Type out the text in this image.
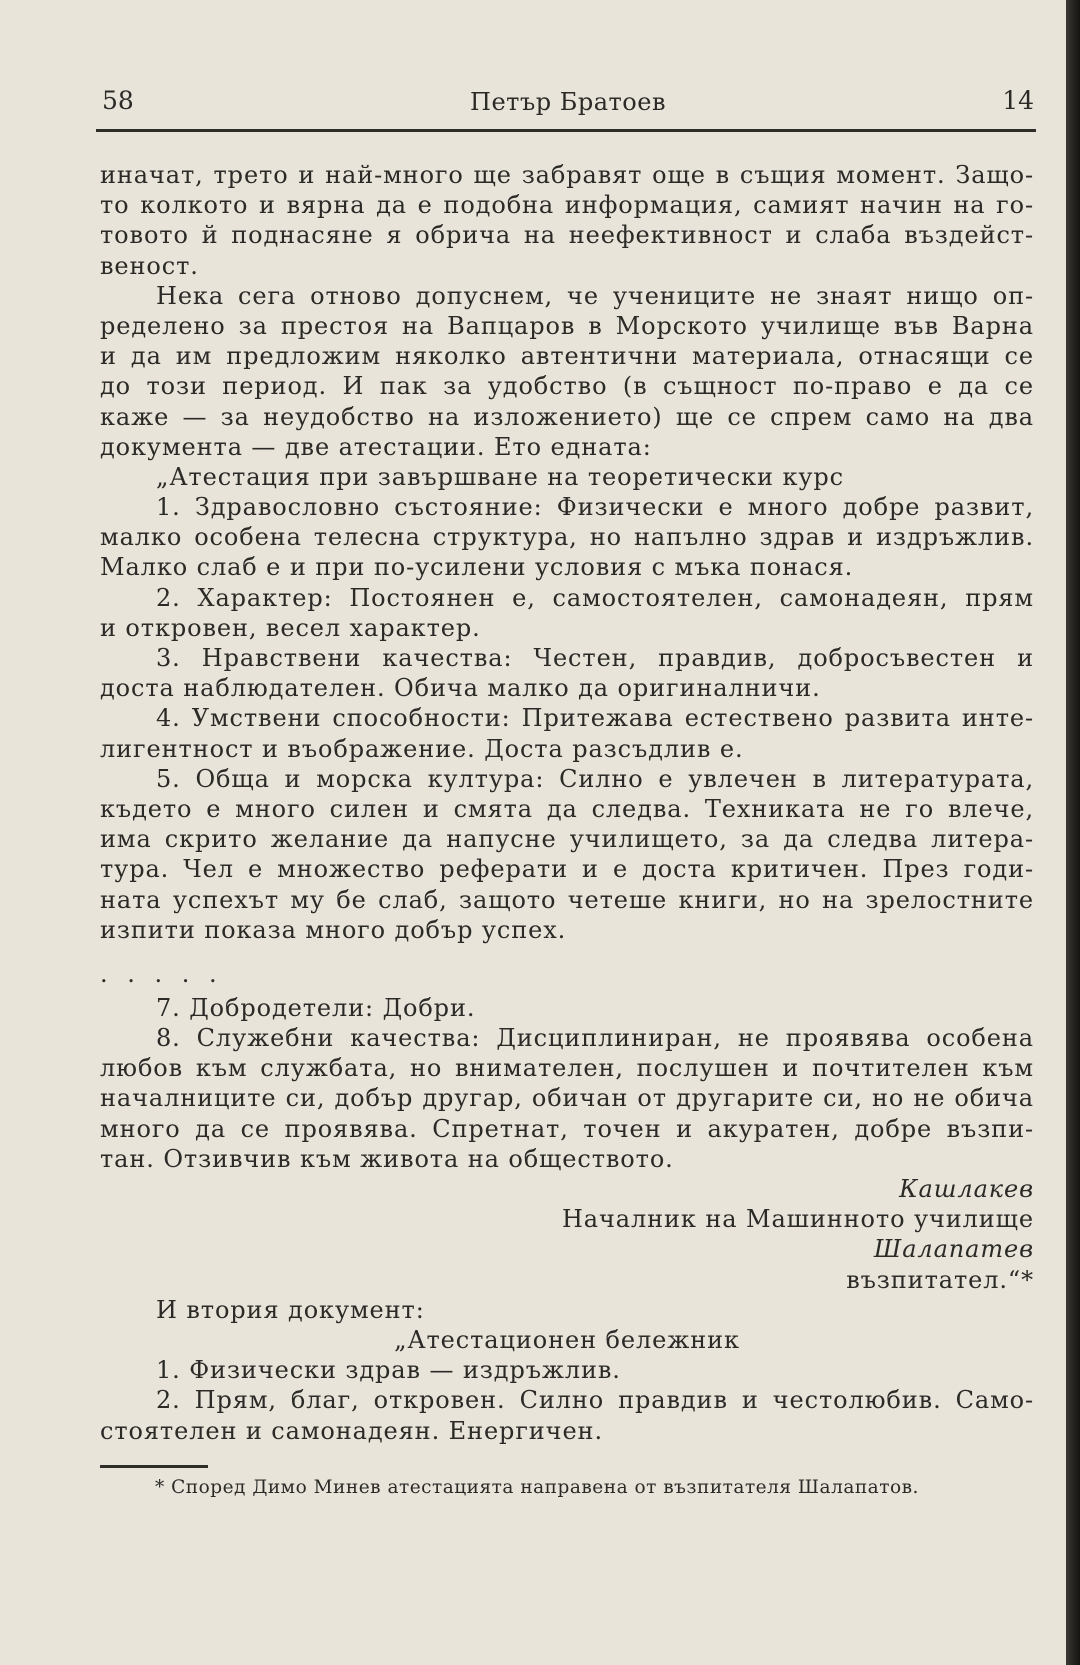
58	Петър Братоев	14
иначат, трето и най-много ще забравят още в същия момент. Защо-
то колкото и вярна да е подобна информация, самият начин на го-
товото й поднасяне я обрича на неефективност и слаба въздейст-
веност.
Нека сега отново допуснем, че учениците не знаят нищо оп-
ределено за престоя на Вапцаров в Морското училище във Варна
и да им предложим няколко автентични материала, отнасящи се
до този период. И пак за удобство (в същност по-право е да се
каже — за неудобство на изложението) ще се спрем само на два
документа — две атестации. Ето едната:
„Атестация при завършване на теоретически курс
1. Здравословно състояние: Физически е много добре развит,
малко особена телесна структура, но напълно здрав и издръжлив.
Малко слаб е и при по-усилени условия с мъка понася.
2. Характер: Постоянен е, самостоятелен, самонадеян, прям
и откровен, весел характер.
3. Нравствени качества: Честен, правдив, добросъвестен и
доста наблюдателен. Обича малко да оригиналничи.
4. Умствени способности: Притежава естествено развита инте-
лигентност и въображение. Доста разсъдлив е.
5. Обща и морска култура: Силно е увлечен в литературата,
където е много силен и смята да следва. Техниката не го влече,
има скрито желание да напусне училището, за да следва литера-
тура. Чел е множество реферати и е доста критичен. През годи-
ната успехът му бе слаб, защото четеше книги, но на зрелостните
изпити показа много добър успех.
. . . . .
7. Добродетели: Добри.
8. Служебни качества: Дисциплиниран, не проявява особена
любов към службата, но внимателен, послушен и почтителен към
началниците си, добър другар, обичан от другарите си, но не обича
много да се проявява. Спретнат, точен и акуратен, добре възпи-
тан. Отзивчив към живота на обществото.
Кашлакев
Началник на Машинното училище
Шалапатев
възпитател.“*
И втория документ:
„Атестационен бележник
1. Физически здрав — издръжлив.
2. Прям, благ, откровен. Силно правдив и честолюбив. Само-
стоятелен и самонадеян. Енергичен.
* Според Димо Минев атестацията направена от възпитателя Шалапатов.
